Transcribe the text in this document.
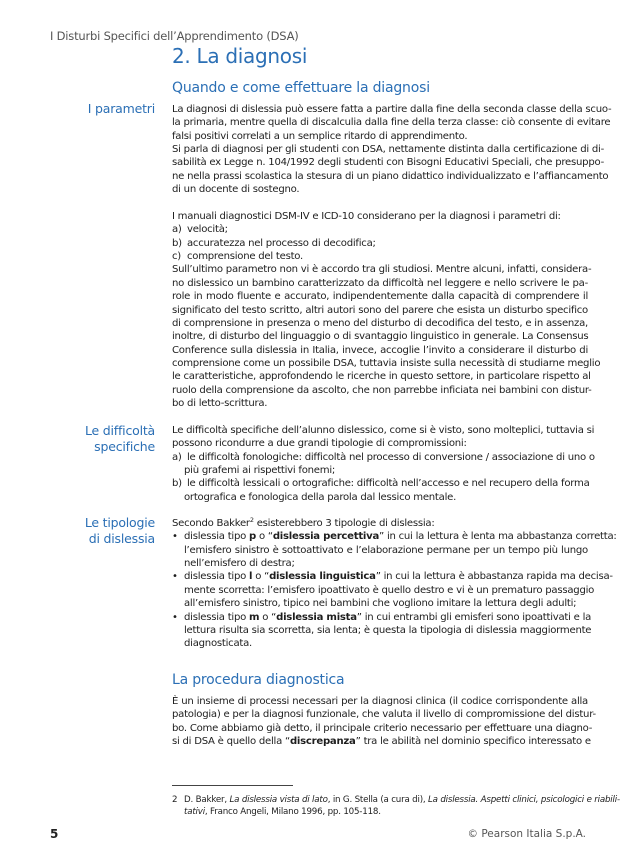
I Disturbi Specifici dell’Apprendimento (DSA)
2. La diagnosi
Quando e come effettuare la diagnosi
I parametri La diagnosi di dislessia può essere fatta a partire dalla fine della seconda classe della scuo-
la primaria, mentre quella di discalculia dalla fine della terza classe: ciò consente di evitare
falsi positivi correlati a un semplice ritardo di apprendimento.
Si parla di diagnosi per gli studenti con DSA, nettamente distinta dalla certificazione di di-
sabilità ex Legge n. 104/1992 degli studenti con Bisogni Educativi Speciali, che presuppo-
ne nella prassi scolastica la stesura di un piano didattico individualizzato e l’affiancamento
di un docente di sostegno.
I manuali diagnostici DSM-IV e ICD-10 considerano per la diagnosi i parametri di:
a) velocità;
b) accuratezza nel processo di decodifica;
c) comprensione del testo.
Sull’ultimo parametro non vi è accordo tra gli studiosi. Mentre alcuni, infatti, considera-
no dislessico un bambino caratterizzato da difficoltà nel leggere e nello scrivere le pa-
role in modo fluente e accurato, indipendentemente dalla capacità di comprendere il
significato del testo scritto, altri autori sono del parere che esista un disturbo specifico
di comprensione in presenza o meno del disturbo di decodifica del testo, e in assenza,
inoltre, di disturbo del linguaggio o di svantaggio linguistico in generale. La Consensus
Conference sulla dislessia in Italia, invece, accoglie l’invito a considerare il disturbo di
comprensione come un possibile DSA, tuttavia insiste sulla necessità di studiarne meglio
le caratteristiche, approfondendo le ricerche in questo settore, in particolare rispetto al
ruolo della comprensione da ascolto, che non parrebbe inficiata nei bambini con distur-
bo di letto-scrittura.
Le difficoltà
specifiche
Le difficoltà specifiche dell’alunno dislessico, come si è visto, sono molteplici, tuttavia si
possono ricondurre a due grandi tipologie di compromissioni:
a) le difficoltà fonologiche: difficoltà nel processo di conversione / associazione di uno o
più grafemi ai rispettivi fonemi;
b) le difficoltà lessicali o ortografiche: difficoltà nell’accesso e nel recupero della forma
ortografica e fonologica della parola dal lessico mentale.
Le tipologie
di dislessia
Secondo Bakker$^2$ esisterebbero 3 tipologie di dislessia:
• dislessia tipo p o “dislessia percettiva” in cui la lettura è lenta ma abbastanza corretta:
l’emisfero sinistro è sottoattivato e l’elaborazione permane per un tempo più lungo
nell’emisfero di destra;
• dislessia tipo l o “dislessia linguistica” in cui la lettura è abbastanza rapida ma decisa-
mente scorretta: l’emisfero ipoattivato è quello destro e vi è un prematuro passaggio
all’emisfero sinistro, tipico nei bambini che vogliono imitare la lettura degli adulti;
• dislessia tipo m o “dislessia mista” in cui entrambi gli emisferi sono ipoattivati e la
lettura risulta sia scorretta, sia lenta; è questa la tipologia di dislessia maggiormente
diagnosticata.
La procedura diagnostica
È un insieme di processi necessari per la diagnosi clinica (il codice corrispondente alla
patologia) e per la diagnosi funzionale, che valuta il livello di compromissione del distur-
bo. Come abbiamo già detto, il principale criterio necessario per effettuare una diagno-
si di DSA è quello della “discrepanza” tra le abilità nel dominio specifico interessato e
2 D. Bakker, La dislessia vista di lato, in G. Stella (a cura di), La dislessia. Aspetti clinici, psicologici e riabili-
tativi, Franco Angeli, Milano 1996, pp. 105-118.
5	© Pearson Italia S.p.A.
